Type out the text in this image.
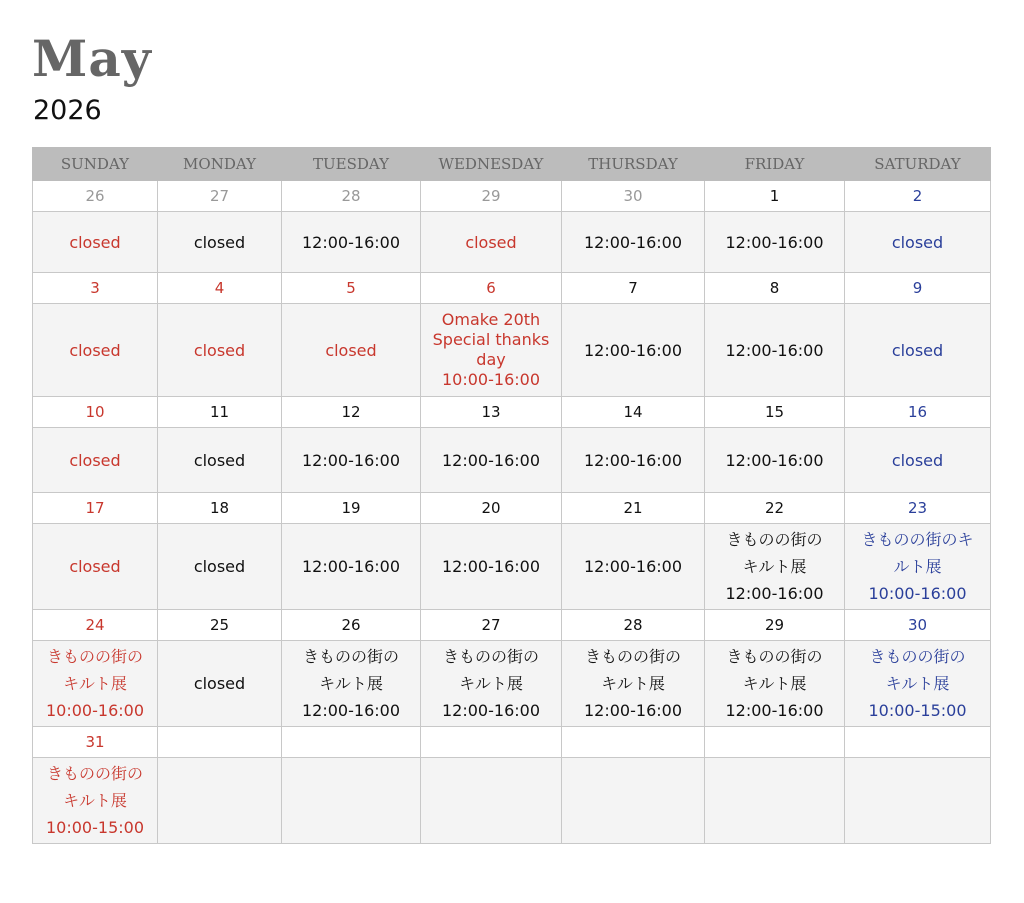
May
2026
SUNDAY	MONDAY	TUESDAY	WEDNESDAY	THURSDAY	FRIDAY	SATURDAY
26	27	28	29	30	1	2

closed	closed	12:00-16:00	closed	12:00-16:00	12:00-16:00	closed

3	4	5	6	7	8	9

closed	closed	closed	Omake 20th
Special thanks
day
10:00-16:00	12:00-16:00	12:00-16:00	closed

10	11	12	13	14	15	16

closed	closed	12:00-16:00	12:00-16:00	12:00-16:00	12:00-16:00	closed

17	18	19	20	21	22	23

closed	closed	12:00-16:00	12:00-16:00	12:00-16:00	きものの街の
キルト展
12:00-16:00	きものの街のキ
ルト展
10:00-16:00

24	25	26	27	28	29	30

きものの街の
キルト展
10:00-16:00	closed	きものの街の
キルト展
12:00-16:00	きものの街の
キルト展
12:00-16:00	きものの街の
キルト展
12:00-16:00	きものの街の
キルト展
12:00-16:00	きものの街の
キルト展
10:00-15:00

31						

きものの街の
キルト展
10:00-15:00						
